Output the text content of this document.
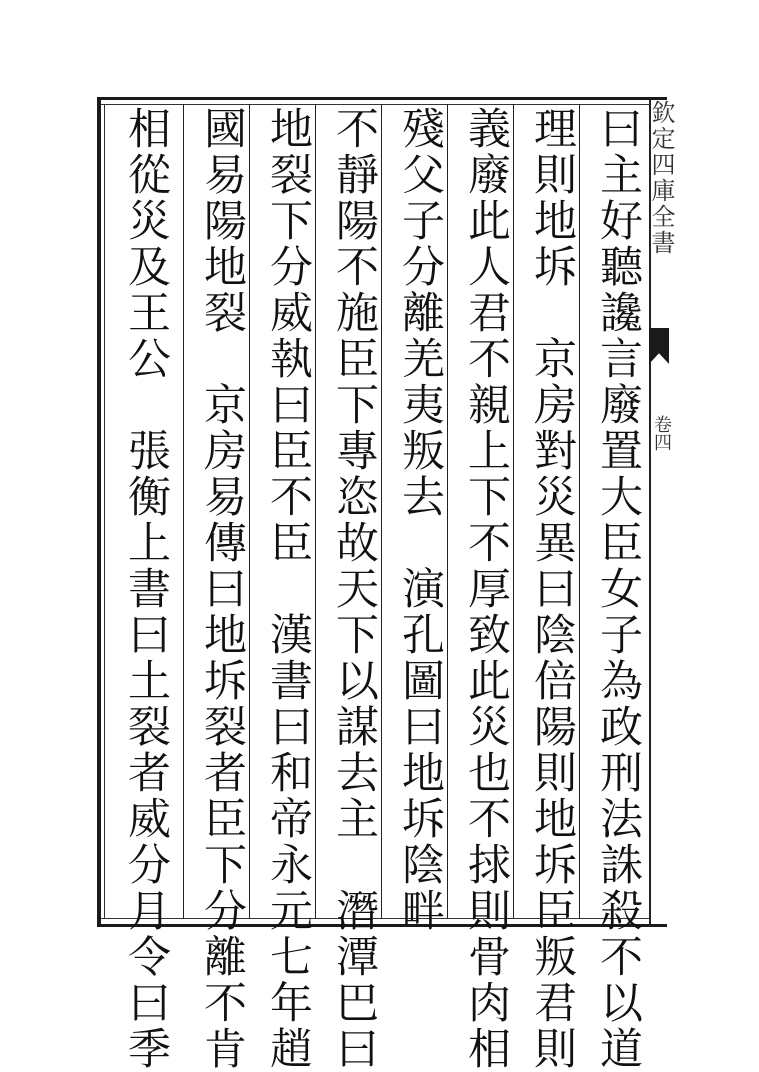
欽定四庫全書
卷四
曰主好聽讒言廢置大臣女子為政刑法誅殺不以道
理則地坼　京房對災異曰陰倍陽則地坼臣叛君則
義廢此人君不親上下不厚致此災也不捄則骨肉相
殘父子分離羌夷叛去　演孔圖曰地坼陰畔
不靜陽不施臣下專恣故天下以謀去主　潛潭巴曰
地裂下分威執曰臣不臣　漢書曰和帝永元七年趙
國易陽地裂　京房易傳曰地坼裂者臣下分離不肯
相從災及王公　張衡上書曰土裂者威分月令曰季
